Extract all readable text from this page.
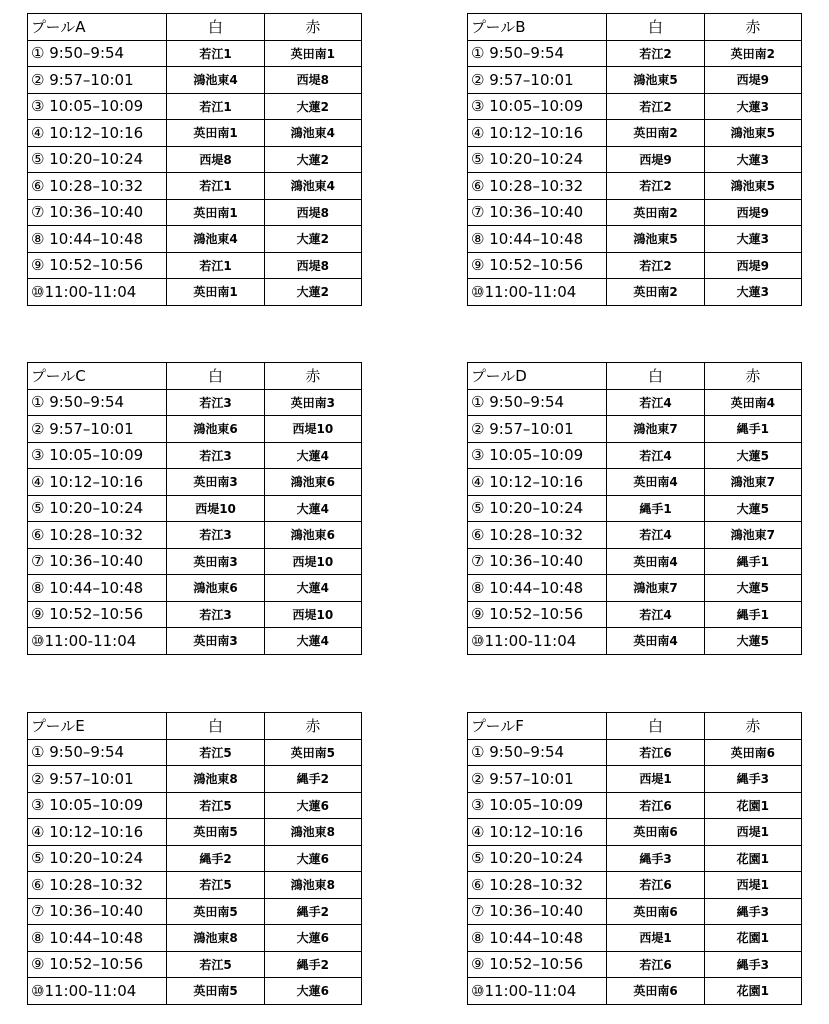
プールA	白	赤
① 9:50–9:54	若江1	英田南1
② 9:57–10:01	鴻池東4	西堤8
③ 10:05–10:09	若江1	大蓮2
④ 10:12–10:16	英田南1	鴻池東4
⑤ 10:20–10:24	西堤8	大蓮2
⑥ 10:28–10:32	若江1	鴻池東4
⑦ 10:36–10:40	英田南1	西堤8
⑧ 10:44–10:48	鴻池東4	大蓮2
⑨ 10:52–10:56	若江1	西堤8
⑩11:00-11:04	英田南1	大蓮2
プールB	白	赤
① 9:50–9:54	若江2	英田南2
② 9:57–10:01	鴻池東5	西堤9
③ 10:05–10:09	若江2	大蓮3
④ 10:12–10:16	英田南2	鴻池東5
⑤ 10:20–10:24	西堤9	大蓮3
⑥ 10:28–10:32	若江2	鴻池東5
⑦ 10:36–10:40	英田南2	西堤9
⑧ 10:44–10:48	鴻池東5	大蓮3
⑨ 10:52–10:56	若江2	西堤9
⑩11:00-11:04	英田南2	大蓮3
プールC	白	赤
① 9:50–9:54	若江3	英田南3
② 9:57–10:01	鴻池東6	西堤10
③ 10:05–10:09	若江3	大蓮4
④ 10:12–10:16	英田南3	鴻池東6
⑤ 10:20–10:24	西堤10	大蓮4
⑥ 10:28–10:32	若江3	鴻池東6
⑦ 10:36–10:40	英田南3	西堤10
⑧ 10:44–10:48	鴻池東6	大蓮4
⑨ 10:52–10:56	若江3	西堤10
⑩11:00-11:04	英田南3	大蓮4
プールD	白	赤
① 9:50–9:54	若江4	英田南4
② 9:57–10:01	鴻池東7	縄手1
③ 10:05–10:09	若江4	大蓮5
④ 10:12–10:16	英田南4	鴻池東7
⑤ 10:20–10:24	縄手1	大蓮5
⑥ 10:28–10:32	若江4	鴻池東7
⑦ 10:36–10:40	英田南4	縄手1
⑧ 10:44–10:48	鴻池東7	大蓮5
⑨ 10:52–10:56	若江4	縄手1
⑩11:00-11:04	英田南4	大蓮5
プールE	白	赤
① 9:50–9:54	若江5	英田南5
② 9:57–10:01	鴻池東8	縄手2
③ 10:05–10:09	若江5	大蓮6
④ 10:12–10:16	英田南5	鴻池東8
⑤ 10:20–10:24	縄手2	大蓮6
⑥ 10:28–10:32	若江5	鴻池東8
⑦ 10:36–10:40	英田南5	縄手2
⑧ 10:44–10:48	鴻池東8	大蓮6
⑨ 10:52–10:56	若江5	縄手2
⑩11:00-11:04	英田南5	大蓮6
プールF	白	赤
① 9:50–9:54	若江6	英田南6
② 9:57–10:01	西堤1	縄手3
③ 10:05–10:09	若江6	花園1
④ 10:12–10:16	英田南6	西堤1
⑤ 10:20–10:24	縄手3	花園1
⑥ 10:28–10:32	若江6	西堤1
⑦ 10:36–10:40	英田南6	縄手3
⑧ 10:44–10:48	西堤1	花園1
⑨ 10:52–10:56	若江6	縄手3
⑩11:00-11:04	英田南6	花園1
